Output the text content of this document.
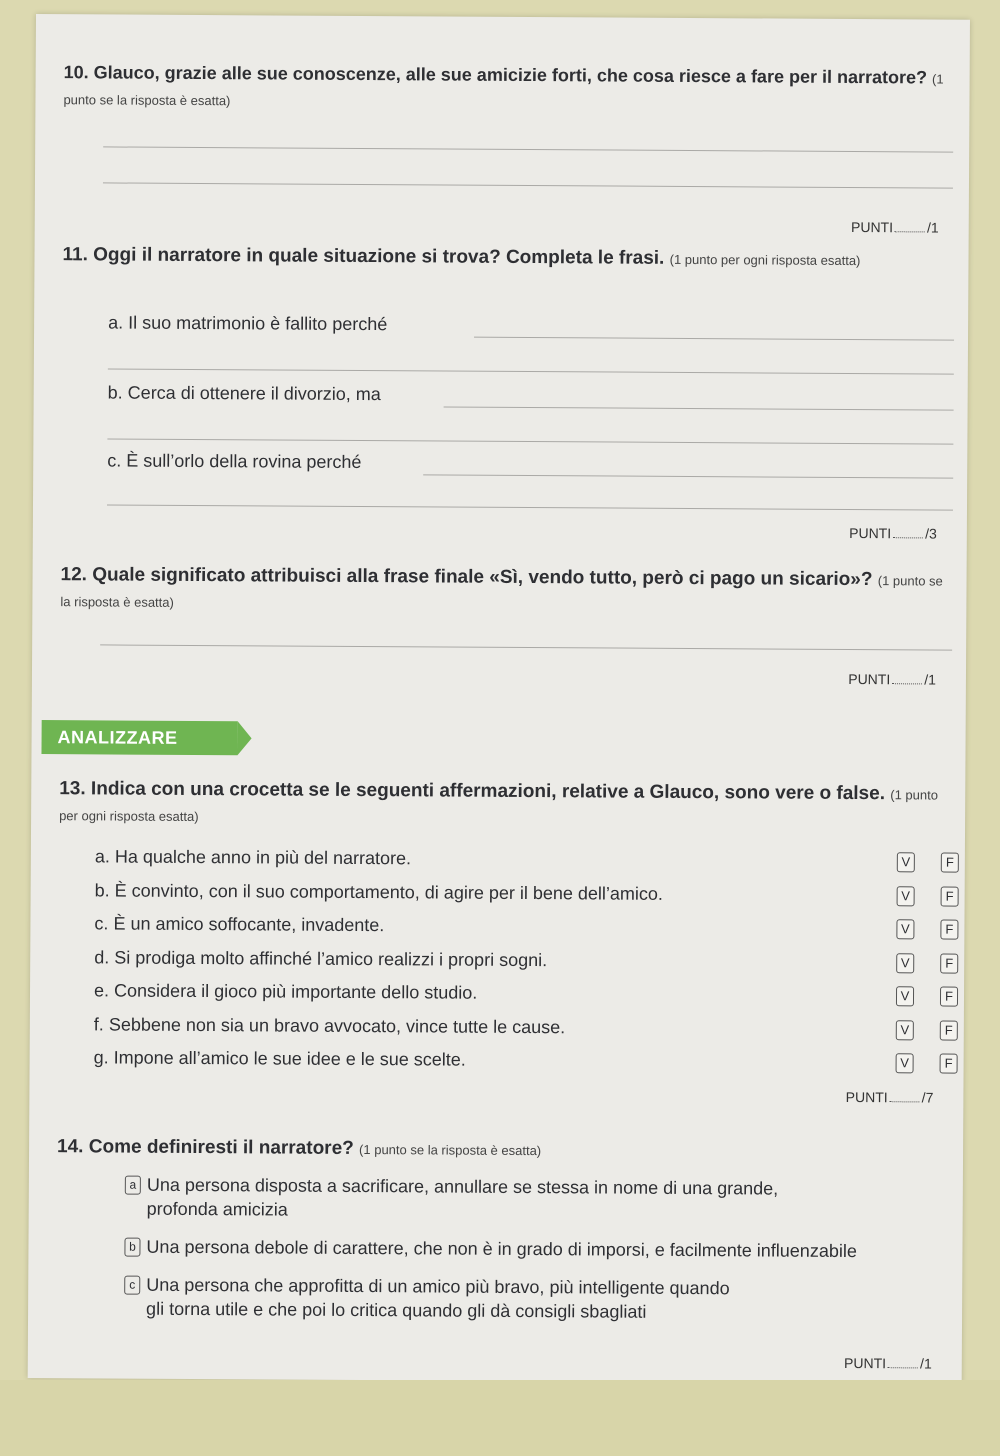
10. Glauco, grazie alle sue conoscenze, alle sue amicizie forti, che cosa riesce a fare per il narratore? (1 punto se la risposta è esatta)
PUNTI /1
11. Oggi il narratore in quale situazione si trova? Completa le frasi. (1 punto per ogni risposta esatta)
a. Il suo matrimonio è fallito perché
b. Cerca di ottenere il divorzio, ma
c. È sull’orlo della rovina perché
PUNTI /3
12. Quale significato attribuisci alla frase finale «Sì, vendo tutto, però ci pago un sicario»? (1 punto se la risposta è esatta)
PUNTI /1
ANALIZZARE
13. Indica con una crocetta se le seguenti affermazioni, relative a Glauco, sono vere o false. (1 punto per ogni risposta esatta)
a. Ha qualche anno in più del narratore.	V	F
b. È convinto, con il suo comportamento, di agire per il bene dell’amico.	V	F
c. È un amico soffocante, invadente.	V	F
d. Si prodiga molto affinché l’amico realizzi i propri sogni.	V	F
e. Considera il gioco più importante dello studio.	V	F
f. Sebbene non sia un bravo avvocato, vince tutte le cause.	V	F
g. Impone all’amico le sue idee e le sue scelte.	V	F
PUNTI /7
14. Come definiresti il narratore? (1 punto se la risposta è esatta)
a Una persona disposta a sacrificare, annullare se stessa in nome di una grande,
profonda amicizia
b Una persona debole di carattere, che non è in grado di imporsi, e facilmente influenzabile
c Una persona che approfitta di un amico più bravo, più intelligente quando
gli torna utile e che poi lo critica quando gli dà consigli sbagliati
PUNTI /1
